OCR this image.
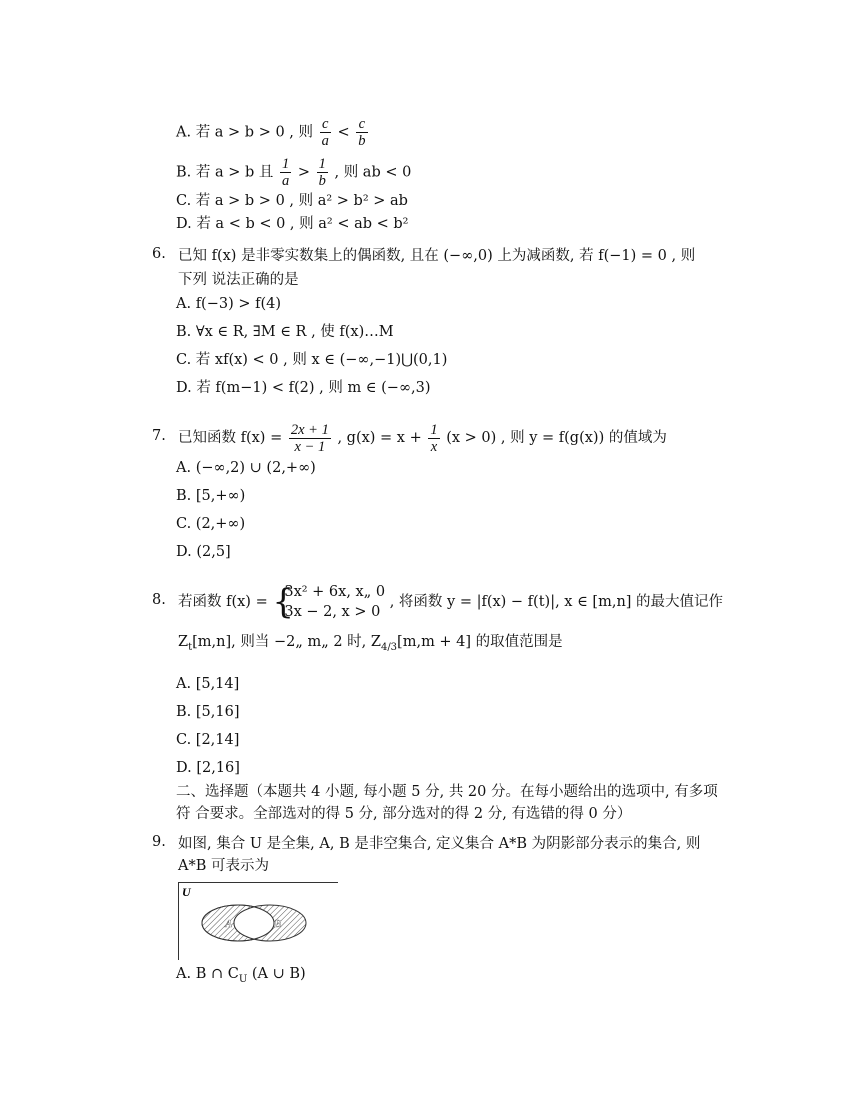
A. 若 a > b > 0 , 则 $\frac{c}{a} < \frac{c}{b}$
B. 若 a > b 且 $\frac{1}{a} > \frac{1}{b}$ , 则 ab < 0
C. 若 a > b > 0 , 则 a² > b² > ab
D. 若 a < b < 0 , 则 a² < ab < b²
6. 已知 f(x) 是非零实数集上的偶函数, 且在 (−∞,0) 上为减函数, 若 f(−1) = 0 , 则
下列 说法正确的是
A. f(−3) > f(4)
B. ∀x ∈ R, ∃M ∈ R , 使 f(x)…M
C. 若 xf(x) < 0 , 则 x ∈ (−∞,−1)⋃(0,1)
D. 若 f(m−1) < f(2) , 则 m ∈ (−∞,3)
7. 已知函数 $f(x) = \frac{2x + 1}{x - 1}$ , $g(x) = x + \frac{1}{x} (x > 0)$ , 则 y = f(g(x)) 的值域为
A. (−∞,2) ∪ (2,+∞)
B. [5,+∞)
C. (2,+∞)
D. (2,5]
8. 若函数 f(x) = {
3x² + 6x, x„ 0
3x − 2, x > 0
, 将函数 y = |f(x) − f(t)|, x ∈ [m,n] 的最大值记作
$Z_t[m,n]$, 则当 −2„ m„ 2 时, $Z_{4/3}[m,m + 4]$ 的取值范围是
A. [5,14]
B. [5,16]
C. [2,14]
D. [2,16]
二、选择题（本题共 4 小题, 每小题 5 分, 共 20 分。在每小题给出的选项中, 有多项
符 合要求。全部选对的得 5 分, 部分选对的得 2 分, 有选错的得 0 分）
9. 如图, 集合 U 是全集, A, B 是非空集合, 定义集合 A*B 为阴影部分表示的集合, 则
A*B 可表示为
U
A	B
A. B ∩ $C_U$ (A ∪ B)
